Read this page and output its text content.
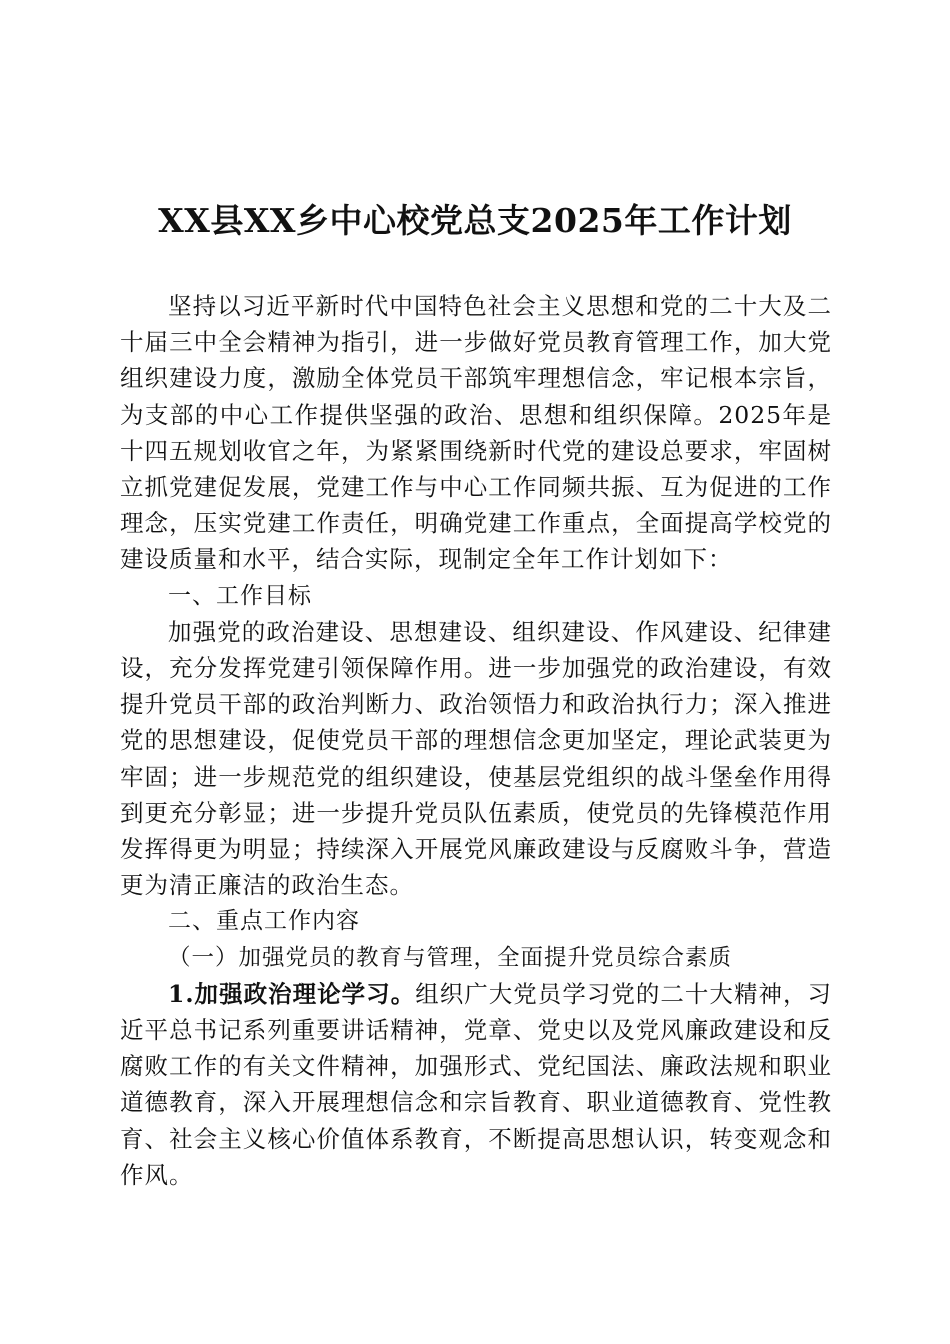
XX县XX乡中心校党总支2025年工作计划

坚持以习近平新时代中国特色社会主义思想和党的二十大及二十届三中全会精神为指引，进一步做好党员教育管理工作，加大党组织建设力度，激励全体党员干部筑牢理想信念，牢记根本宗旨，为支部的中心工作提供坚强的政治、思想和组织保障。2025年是十四五规划收官之年，为紧紧围绕新时代党的建设总要求，牢固树立抓党建促发展，党建工作与中心工作同频共振、互为促进的工作理念，压实党建工作责任，明确党建工作重点，全面提高学校党的建设质量和水平，结合实际，现制定全年工作计划如下：

一、工作目标

加强党的政治建设、思想建设、组织建设、作风建设、纪律建设，充分发挥党建引领保障作用。进一步加强党的政治建设，有效提升党员干部的政治判断力、政治领悟力和政治执行力；深入推进党的思想建设，促使党员干部的理想信念更加坚定，理论武装更为牢固；进一步规范党的组织建设，使基层党组织的战斗堡垒作用得到更充分彰显；进一步提升党员队伍素质，使党员的先锋模范作用发挥得更为明显；持续深入开展党风廉政建设与反腐败斗争，营造更为清正廉洁的政治生态。

二、重点工作内容

（一）加强党员的教育与管理，全面提升党员综合素质

1.加强政治理论学习。组织广大党员学习党的二十大精神，习近平总书记系列重要讲话精神，党章、党史以及党风廉政建设和反腐败工作的有关文件精神，加强形式、党纪国法、廉政法规和职业道德教育，深入开展理想信念和宗旨教育、职业道德教育、党性教育、社会主义核心价值体系教育，不断提高思想认识，转变观念和作风。
